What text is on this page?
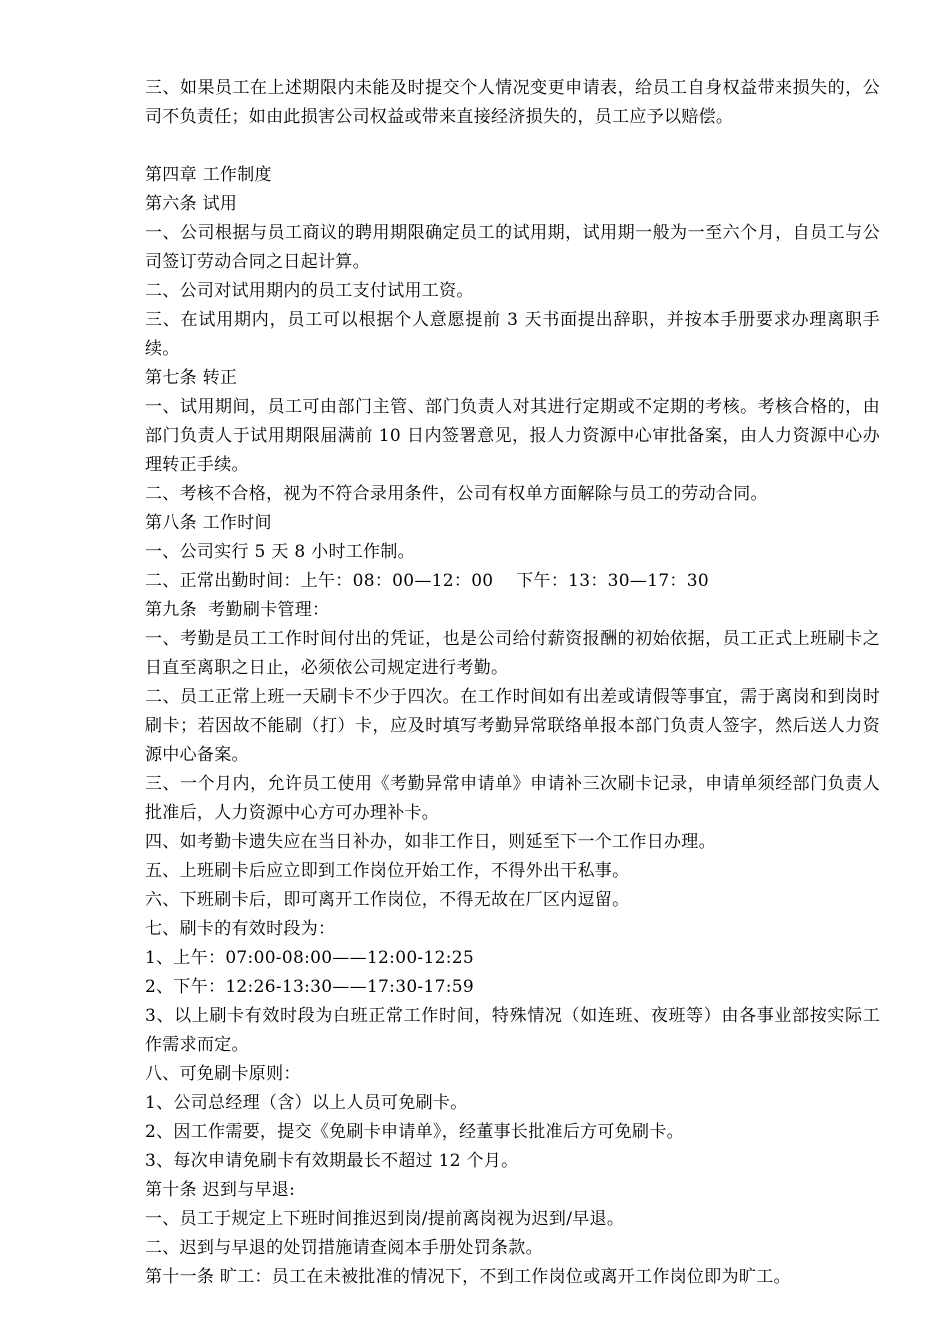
三、如果员工在上述期限内未能及时提交个人情况变更申请表，给员工自身权益带来损失的，公司不负责任；如由此损害公司权益或带来直接经济损失的，员工应予以赔偿。

第四章 工作制度

第六条 试用

一、公司根据与员工商议的聘用期限确定员工的试用期，试用期一般为一至六个月，自员工与公司签订劳动合同之日起计算。

二、公司对试用期内的员工支付试用工资。

三、在试用期内，员工可以根据个人意愿提前 3 天书面提出辞职，并按本手册要求办理离职手续。

第七条 转正

一、试用期间，员工可由部门主管、部门负责人对其进行定期或不定期的考核。考核合格的，由部门负责人于试用期限届满前 10 日内签署意见，报人力资源中心审批备案，由人力资源中心办理转正手续。

二、考核不合格，视为不符合录用条件，公司有权单方面解除与员工的劳动合同。

第八条 工作时间

一、公司实行 5 天 8 小时工作制。

二、正常出勤时间：上午：08：00—12：00    下午：13：30—17：30

第九条  考勤刷卡管理：

一、考勤是员工工作时间付出的凭证，也是公司给付薪资报酬的初始依据，员工正式上班刷卡之日直至离职之日止，必须依公司规定进行考勤。

二、员工正常上班一天刷卡不少于四次。在工作时间如有出差或请假等事宜，需于离岗和到岗时刷卡；若因故不能刷（打）卡，应及时填写考勤异常联络单报本部门负责人签字，然后送人力资源中心备案。

三、一个月内，允许员工使用《考勤异常申请单》申请补三次刷卡记录，申请单须经部门负责人批准后，人力资源中心方可办理补卡。

四、如考勤卡遗失应在当日补办，如非工作日，则延至下一个工作日办理。

五、上班刷卡后应立即到工作岗位开始工作，不得外出干私事。

六、下班刷卡后，即可离开工作岗位，不得无故在厂区内逗留。

七、刷卡的有效时段为：

1、上午：07:00-08:00——12:00-12:25

2、下午：12:26-13:30——17:30-17:59

3、以上刷卡有效时段为白班正常工作时间，特殊情况（如连班、夜班等）由各事业部按实际工作需求而定。

八、可免刷卡原则：

1、公司总经理（含）以上人员可免刷卡。

2、因工作需要，提交《免刷卡申请单》，经董事长批准后方可免刷卡。

3、每次申请免刷卡有效期最长不超过 12 个月。

第十条 迟到与早退:

一、员工于规定上下班时间推迟到岗/提前离岗视为迟到/早退。

二、迟到与早退的处罚措施请查阅本手册处罚条款。

第十一条 旷工：员工在未被批准的情况下，不到工作岗位或离开工作岗位即为旷工。
